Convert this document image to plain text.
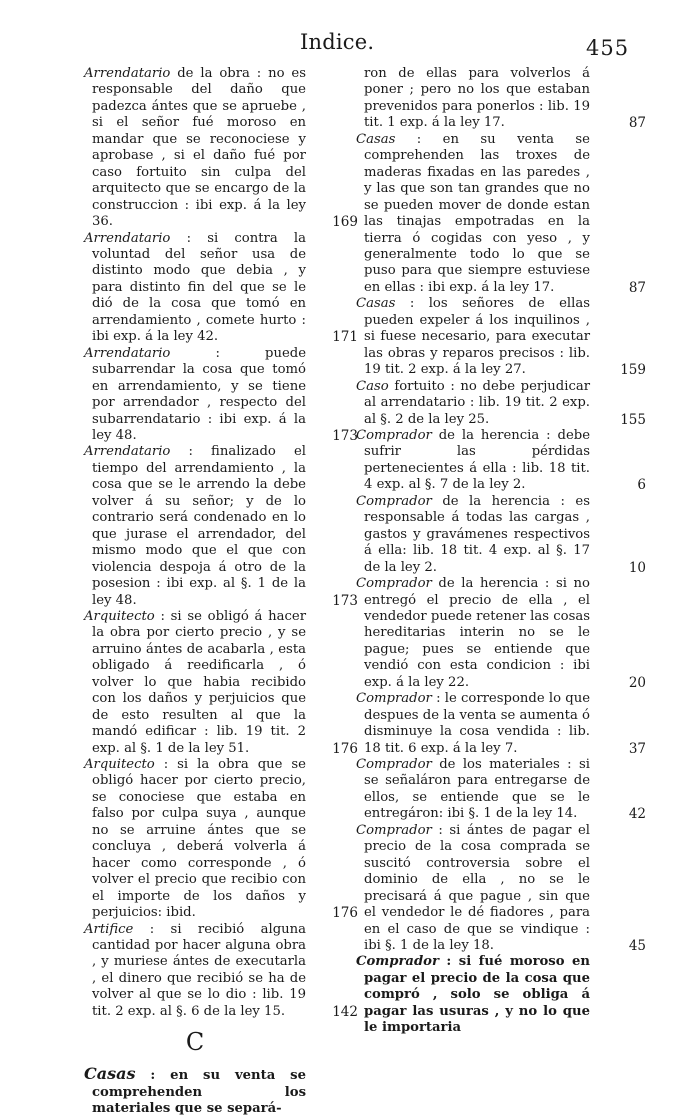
Indice.	455

Arrendatario de la obra : no es responsable del daño que padezca ántes que se apruebe , si el señor fué moroso en mandar que se reconociese y aprobase , si el daño fué por caso fortuito sin culpa del arquitecto que se encargo de la construccion : ibi exp. á la ley 36.	169

Arrendatario : si contra la voluntad del señor usa de distinto modo que debia , y para distinto fin del que se le dió de la cosa que tomó en arrendamiento , comete hurto : ibi exp. á la ley 42.	171

Arrendatario : puede subarrendar la cosa que tomó en arrendamiento, y se tiene por arrendador , respecto del subarrendatario : ibi exp. á la ley 48.	173

Arrendatario : finalizado el tiempo del arrendamiento , la cosa que se le arrendo la debe volver á su señor; y de lo contrario será condenado en lo que jurase el arrendador, del mismo modo que el que con violencia despoja á otro de la posesion : ibi exp. al §. 1 de la ley 48.	173

Arquitecto : si se obligó á hacer la obra por cierto precio , y se arruino ántes de acabarla , esta obligado á reedificarla , ó volver lo que habia recibido con los daños y perjuicios que de esto resulten al que la mandó edificar : lib. 19 tit. 2 exp. al §. 1 de la ley 51.	176

Arquitecto : si la obra que se obligó hacer por cierto precio, se conociese que estaba en falso por culpa suya , aunque no se arruine ántes que se concluya , deberá volverla á hacer como corresponde , ó volver el precio que recibio con el importe de los daños y perjuicios: ibid.	176

Artifice : si recibió alguna cantidad por hacer alguna obra , y muriese ántes de executarla , el dinero que recibió se ha de volver al que se lo dio : lib. 19 tit. 2 exp. al §. 6 de la ley 15.	142

C

Casas : en su venta se comprehenden los materiales que se separá-

ron de ellas para volverlos á poner ; pero no los que estaban prevenidos para ponerlos : lib. 19 tit. 1 exp. á la ley 17.	87

Casas : en su venta se comprehenden las troxes de maderas fixadas en las paredes , y las que son tan grandes que no se pueden mover de donde estan las tinajas empotradas en la tierra ó cogidas con yeso , y generalmente todo lo que se puso para que siempre estuviese en ellas : ibi exp. á la ley 17.	87

Casas : los señores de ellas pueden expeler á los inquilinos , si fuese necesario, para executar las obras y reparos precisos : lib. 19 tit. 2 exp. á la ley 27.	159

Caso fortuito : no debe perjudicar al arrendatario : lib. 19 tit. 2 exp. al §. 2 de la ley 25.	155

Comprador de la herencia : debe sufrir las pérdidas pertenecientes á ella : lib. 18 tit. 4 exp. al §. 7 de la ley 2.	6

Comprador de la herencia : es responsable á todas las cargas , gastos y gravámenes respectivos á ella: lib. 18 tit. 4 exp. al §. 17 de la ley 2.	10

Comprador de la herencia : si no entregó el precio de ella , el vendedor puede retener las cosas hereditarias interin no se le pague; pues se entiende que vendió con esta condicion : ibi exp. á la ley 22.	20

Comprador : le corresponde lo que despues de la venta se aumenta ó disminuye la cosa vendida : lib. 18 tit. 6 exp. á la ley 7.	37

Comprador de los materiales : si se señaláron para entregarse de ellos, se entiende que se le entregáron: ibi §. 1 de la ley 14.	42

Comprador : si ántes de pagar el precio de la cosa comprada se suscitó controversia sobre el dominio de ella , no se le precisará á que pague , sin que el vendedor le dé fiadores , para en el caso de que se vindique : ibi §. 1 de la ley 18.	45

Comprador : si fué moroso en pagar el precio de la cosa que compró , solo se obliga á pagar las usuras , y no lo que le importaria
